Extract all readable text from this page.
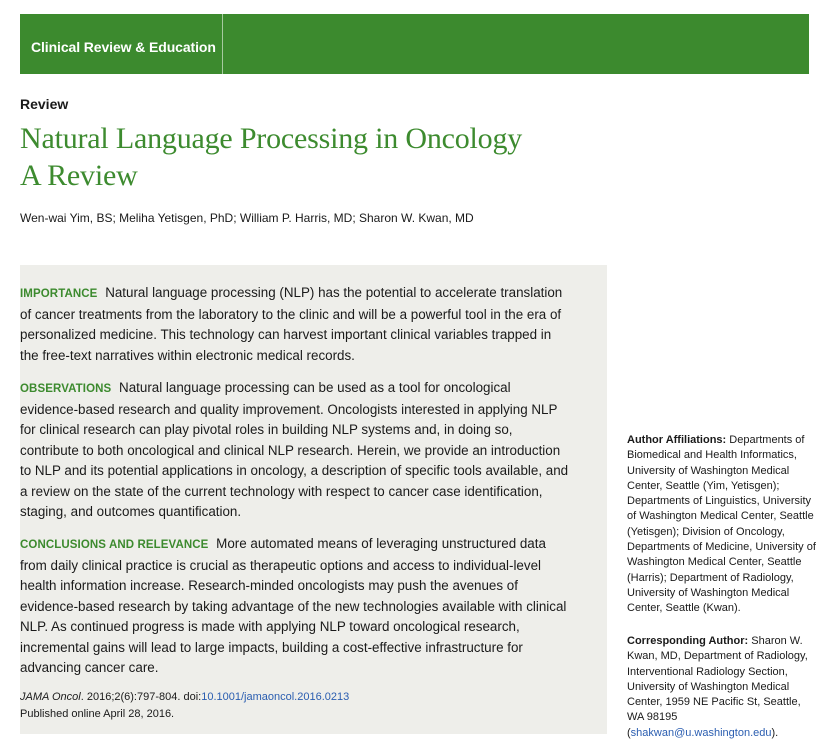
Clinical Review & Education
Review
Natural Language Processing in Oncology
A Review
Wen-wai Yim, BS; Meliha Yetisgen, PhD; William P. Harris, MD; Sharon W. Kwan, MD
IMPORTANCE Natural language processing (NLP) has the potential to accelerate translation of cancer treatments from the laboratory to the clinic and will be a powerful tool in the era of personalized medicine. This technology can harvest important clinical variables trapped in the free-text narratives within electronic medical records.
OBSERVATIONS Natural language processing can be used as a tool for oncological evidence-based research and quality improvement. Oncologists interested in applying NLP for clinical research can play pivotal roles in building NLP systems and, in doing so, contribute to both oncological and clinical NLP research. Herein, we provide an introduction to NLP and its potential applications in oncology, a description of specific tools available, and a review on the state of the current technology with respect to cancer case identification, staging, and outcomes quantification.
CONCLUSIONS AND RELEVANCE More automated means of leveraging unstructured data from daily clinical practice is crucial as therapeutic options and access to individual-level health information increase. Research-minded oncologists may push the avenues of evidence-based research by taking advantage of the new technologies available with clinical NLP. As continued progress is made with applying NLP toward oncological research, incremental gains will lead to large impacts, building a cost-effective infrastructure for advancing cancer care.
JAMA Oncol. 2016;2(6):797-804. doi:10.1001/jamaoncol.2016.0213
Published online April 28, 2016.
Author Affiliations: Departments of Biomedical and Health Informatics, University of Washington Medical Center, Seattle (Yim, Yetisgen); Departments of Linguistics, University of Washington Medical Center, Seattle (Yetisgen); Division of Oncology, Departments of Medicine, University of Washington Medical Center, Seattle (Harris); Department of Radiology, University of Washington Medical Center, Seattle (Kwan).
Corresponding Author: Sharon W. Kwan, MD, Department of Radiology, Interventional Radiology Section, University of Washington Medical Center, 1959 NE Pacific St, Seattle, WA 98195 (shakwan@u.washington.edu).
